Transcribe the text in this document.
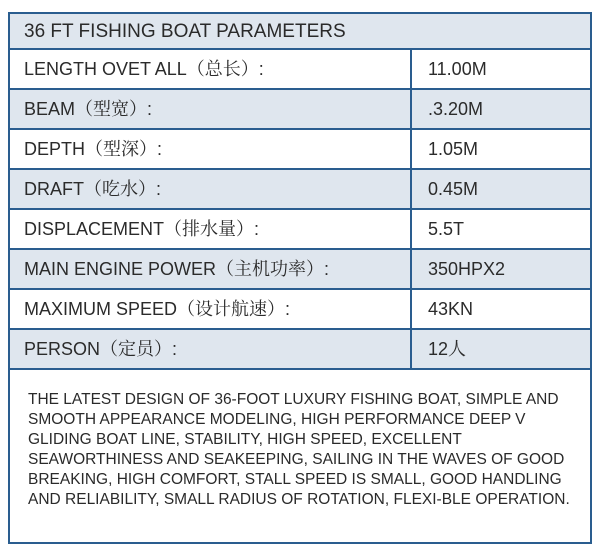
36 FT FISHING BOAT PARAMETERS
LENGTH OVET ALL（总长）:	11.00M
BEAM（型宽）:	.3.20M
DEPTH（型深）:	1.05M
DRAFT（吃水）:	0.45M
DISPLACEMENT（排水量）:	5.5T
MAIN ENGINE POWER（主机功率）:	350HPX2
MAXIMUM SPEED（设计航速）:	43KN
PERSON（定员）:	12人
THE LATEST DESIGN OF 36-FOOT LUXURY FISHING BOAT, SIMPLE AND SMOOTH APPEARANCE MODELING, HIGH PERFORMANCE DEEP V GLIDING BOAT LINE, STABILITY, HIGH SPEED, EXCELLENT SEAWORTHINESS AND SEAKEEPING, SAILING IN THE WAVES OF GOOD BREAKING, HIGH COMFORT, STALL SPEED IS SMALL, GOOD HANDLING AND RELIABILITY, SMALL RADIUS OF ROTATION, FLEXI-BLE OPERATION.
